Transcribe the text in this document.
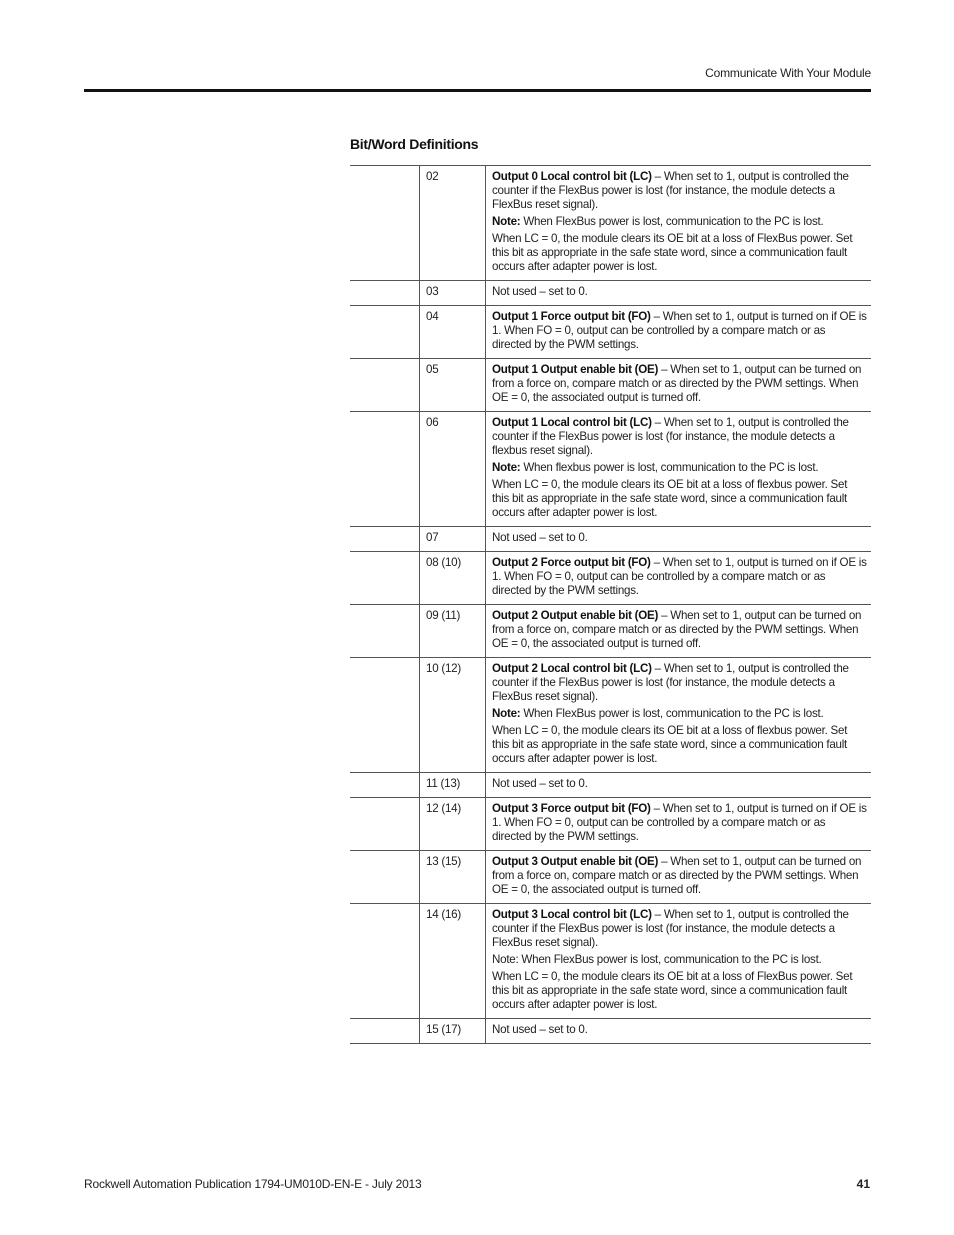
Communicate With Your Module
Bit/Word Definitions
	02	Output 0 Local control bit (LC) – When set to 1, output is controlled the counter if the FlexBus power is lost (for instance, the module detects a FlexBus reset signal).
Note: When FlexBus power is lost, communication to the PC is lost.
When LC = 0, the module clears its OE bit at a loss of FlexBus power. Set this bit as appropriate in the safe state word, since a communication fault occurs after adapter power is lost.

	03	Not used – set to 0.

	04	Output 1 Force output bit (FO) – When set to 1, output is turned on if OE is 1. When FO = 0, output can be controlled by a compare match or as directed by the PWM settings.

	05	Output 1 Output enable bit (OE) – When set to 1, output can be turned on from a force on, compare match or as directed by the PWM settings. When OE = 0, the associated output is turned off.

	06	Output 1 Local control bit (LC) – When set to 1, output is controlled the counter if the FlexBus power is lost (for instance, the module detects a flexbus reset signal).
Note: When flexbus power is lost, communication to the PC is lost.
When LC = 0, the module clears its OE bit at a loss of flexbus power. Set this bit as appropriate in the safe state word, since a communication fault occurs after adapter power is lost.

	07	Not used – set to 0.

	08 (10)	Output 2 Force output bit (FO) – When set to 1, output is turned on if OE is 1. When FO = 0, output can be controlled by a compare match or as directed by the PWM settings.

	09 (11)	Output 2 Output enable bit (OE) – When set to 1, output can be turned on from a force on, compare match or as directed by the PWM settings. When OE = 0, the associated output is turned off.

	10 (12)	Output 2 Local control bit (LC) – When set to 1, output is controlled the counter if the FlexBus power is lost (for instance, the module detects a FlexBus reset signal).
Note: When FlexBus power is lost, communication to the PC is lost.
When LC = 0, the module clears its OE bit at a loss of flexbus power. Set this bit as appropriate in the safe state word, since a communication fault occurs after adapter power is lost.

	11 (13)	Not used – set to 0.

	12 (14)	Output 3 Force output bit (FO) – When set to 1, output is turned on if OE is 1. When FO = 0, output can be controlled by a compare match or as directed by the PWM settings.

	13 (15)	Output 3 Output enable bit (OE) – When set to 1, output can be turned on from a force on, compare match or as directed by the PWM settings. When OE = 0, the associated output is turned off.

	14 (16)	Output 3 Local control bit (LC) – When set to 1, output is controlled the counter if the FlexBus power is lost (for instance, the module detects a FlexBus reset signal).
Note: When FlexBus power is lost, communication to the PC is lost.
When LC = 0, the module clears its OE bit at a loss of FlexBus power. Set this bit as appropriate in the safe state word, since a communication fault occurs after adapter power is lost.

	15 (17)	Not used – set to 0.
Rockwell Automation Publication 1794-UM010D-EN-E - July 2013	41
